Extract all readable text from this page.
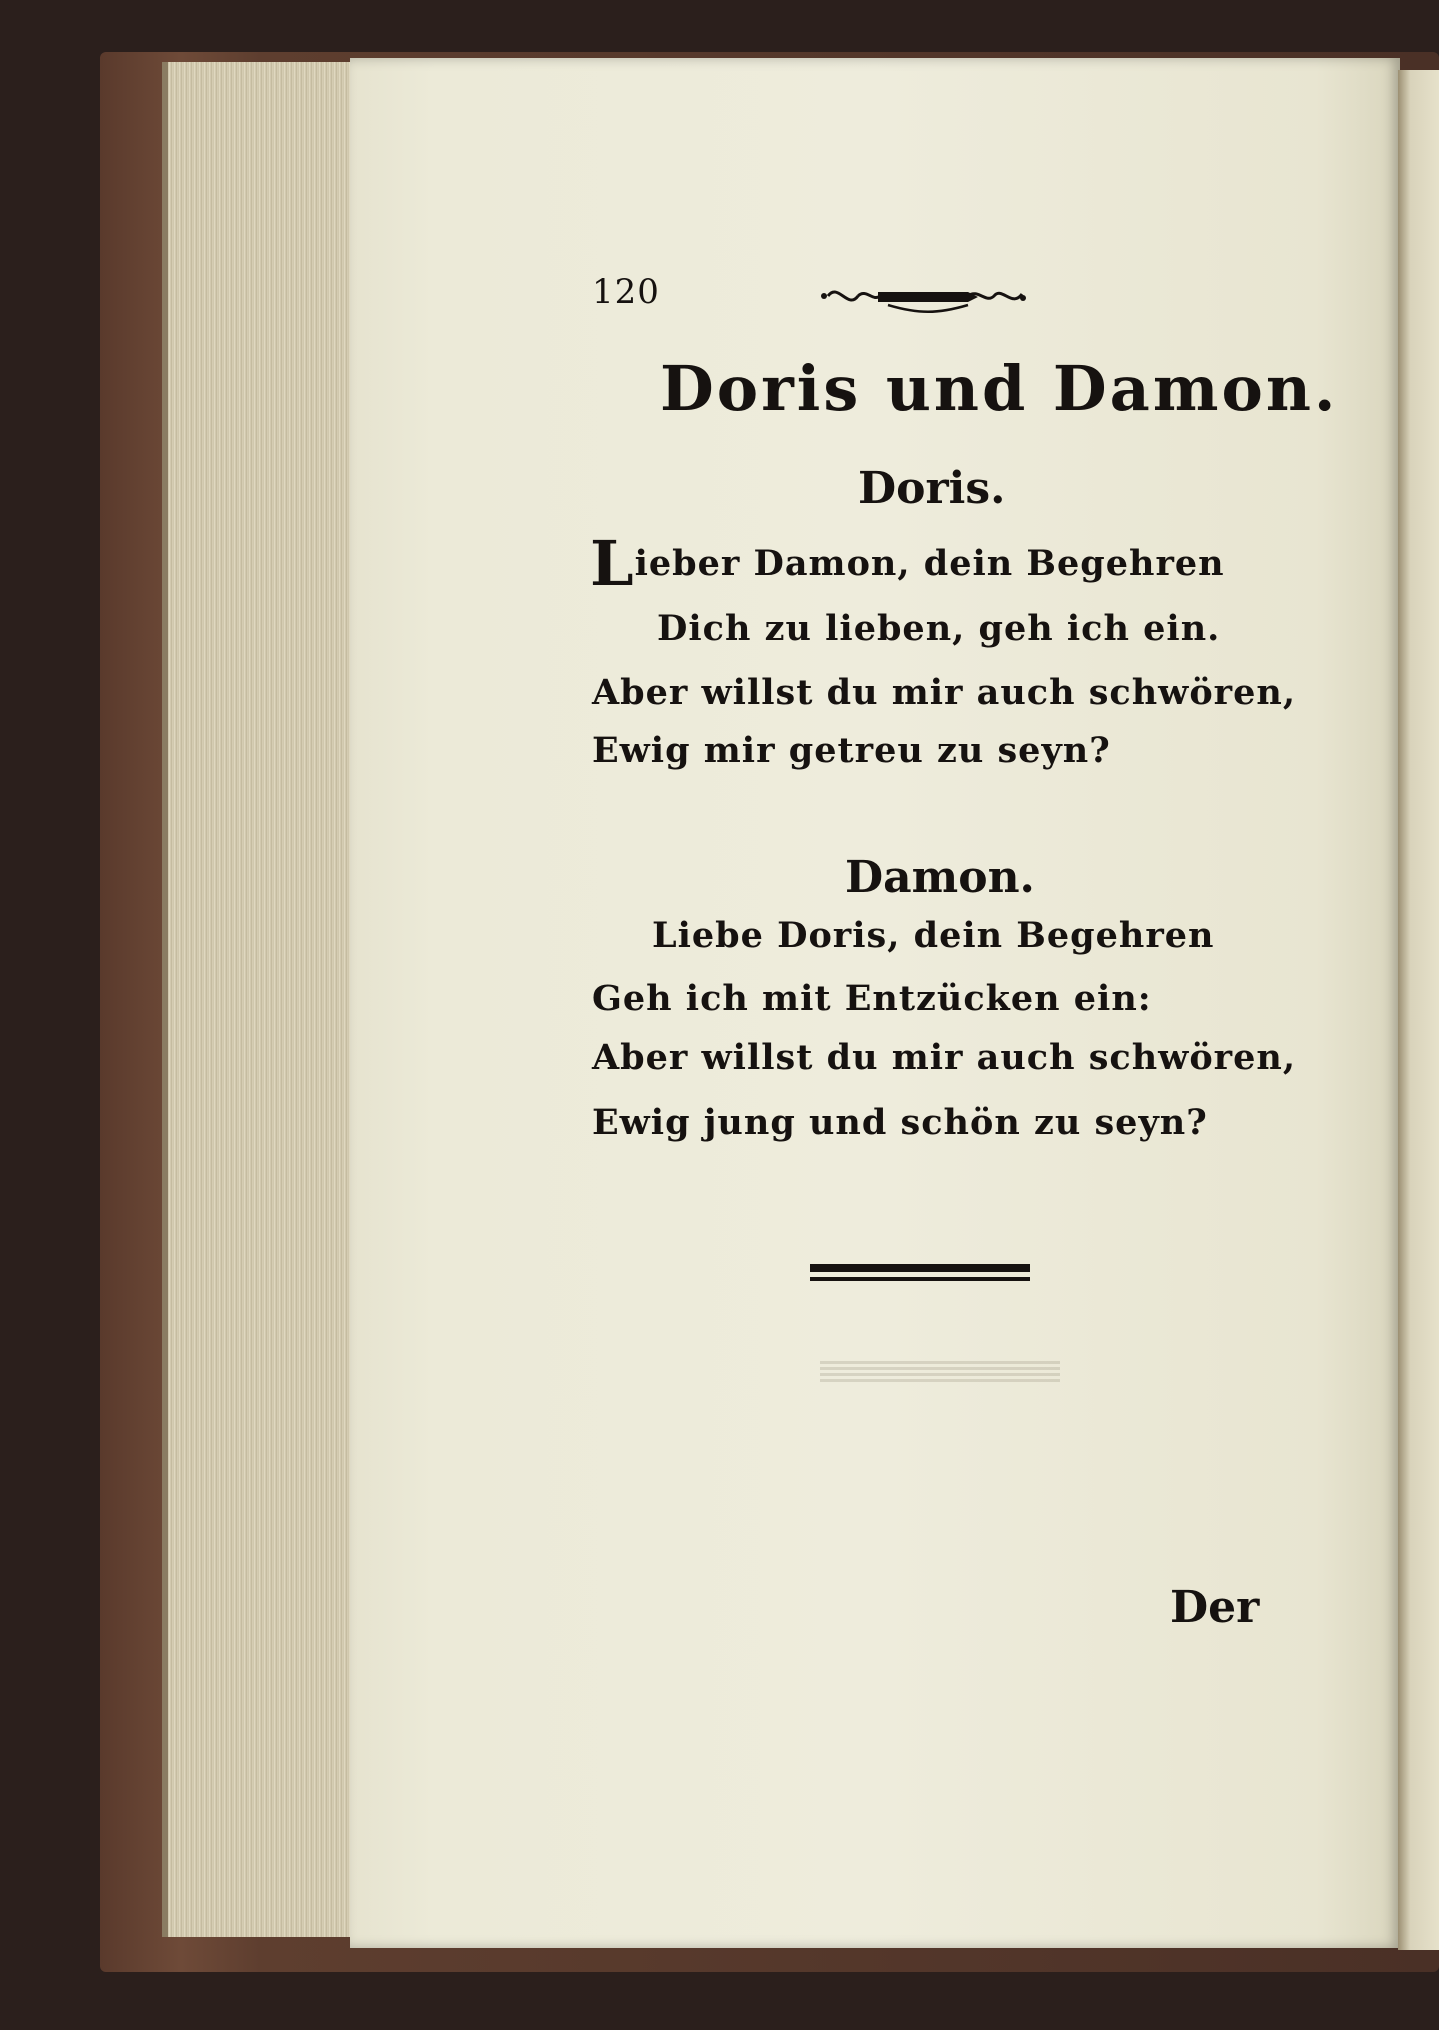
120
Doris und Damon.
Doris.
Lieber Damon, dein Begehren
Dich zu lieben, geh ich ein.
Aber willst du mir auch schwören,
Ewig mir getreu zu seyn?
Damon.
Liebe Doris, dein Begehren
Geh ich mit Entzücken ein:
Aber willst du mir auch schwören,
Ewig jung und schön zu seyn?
Der
